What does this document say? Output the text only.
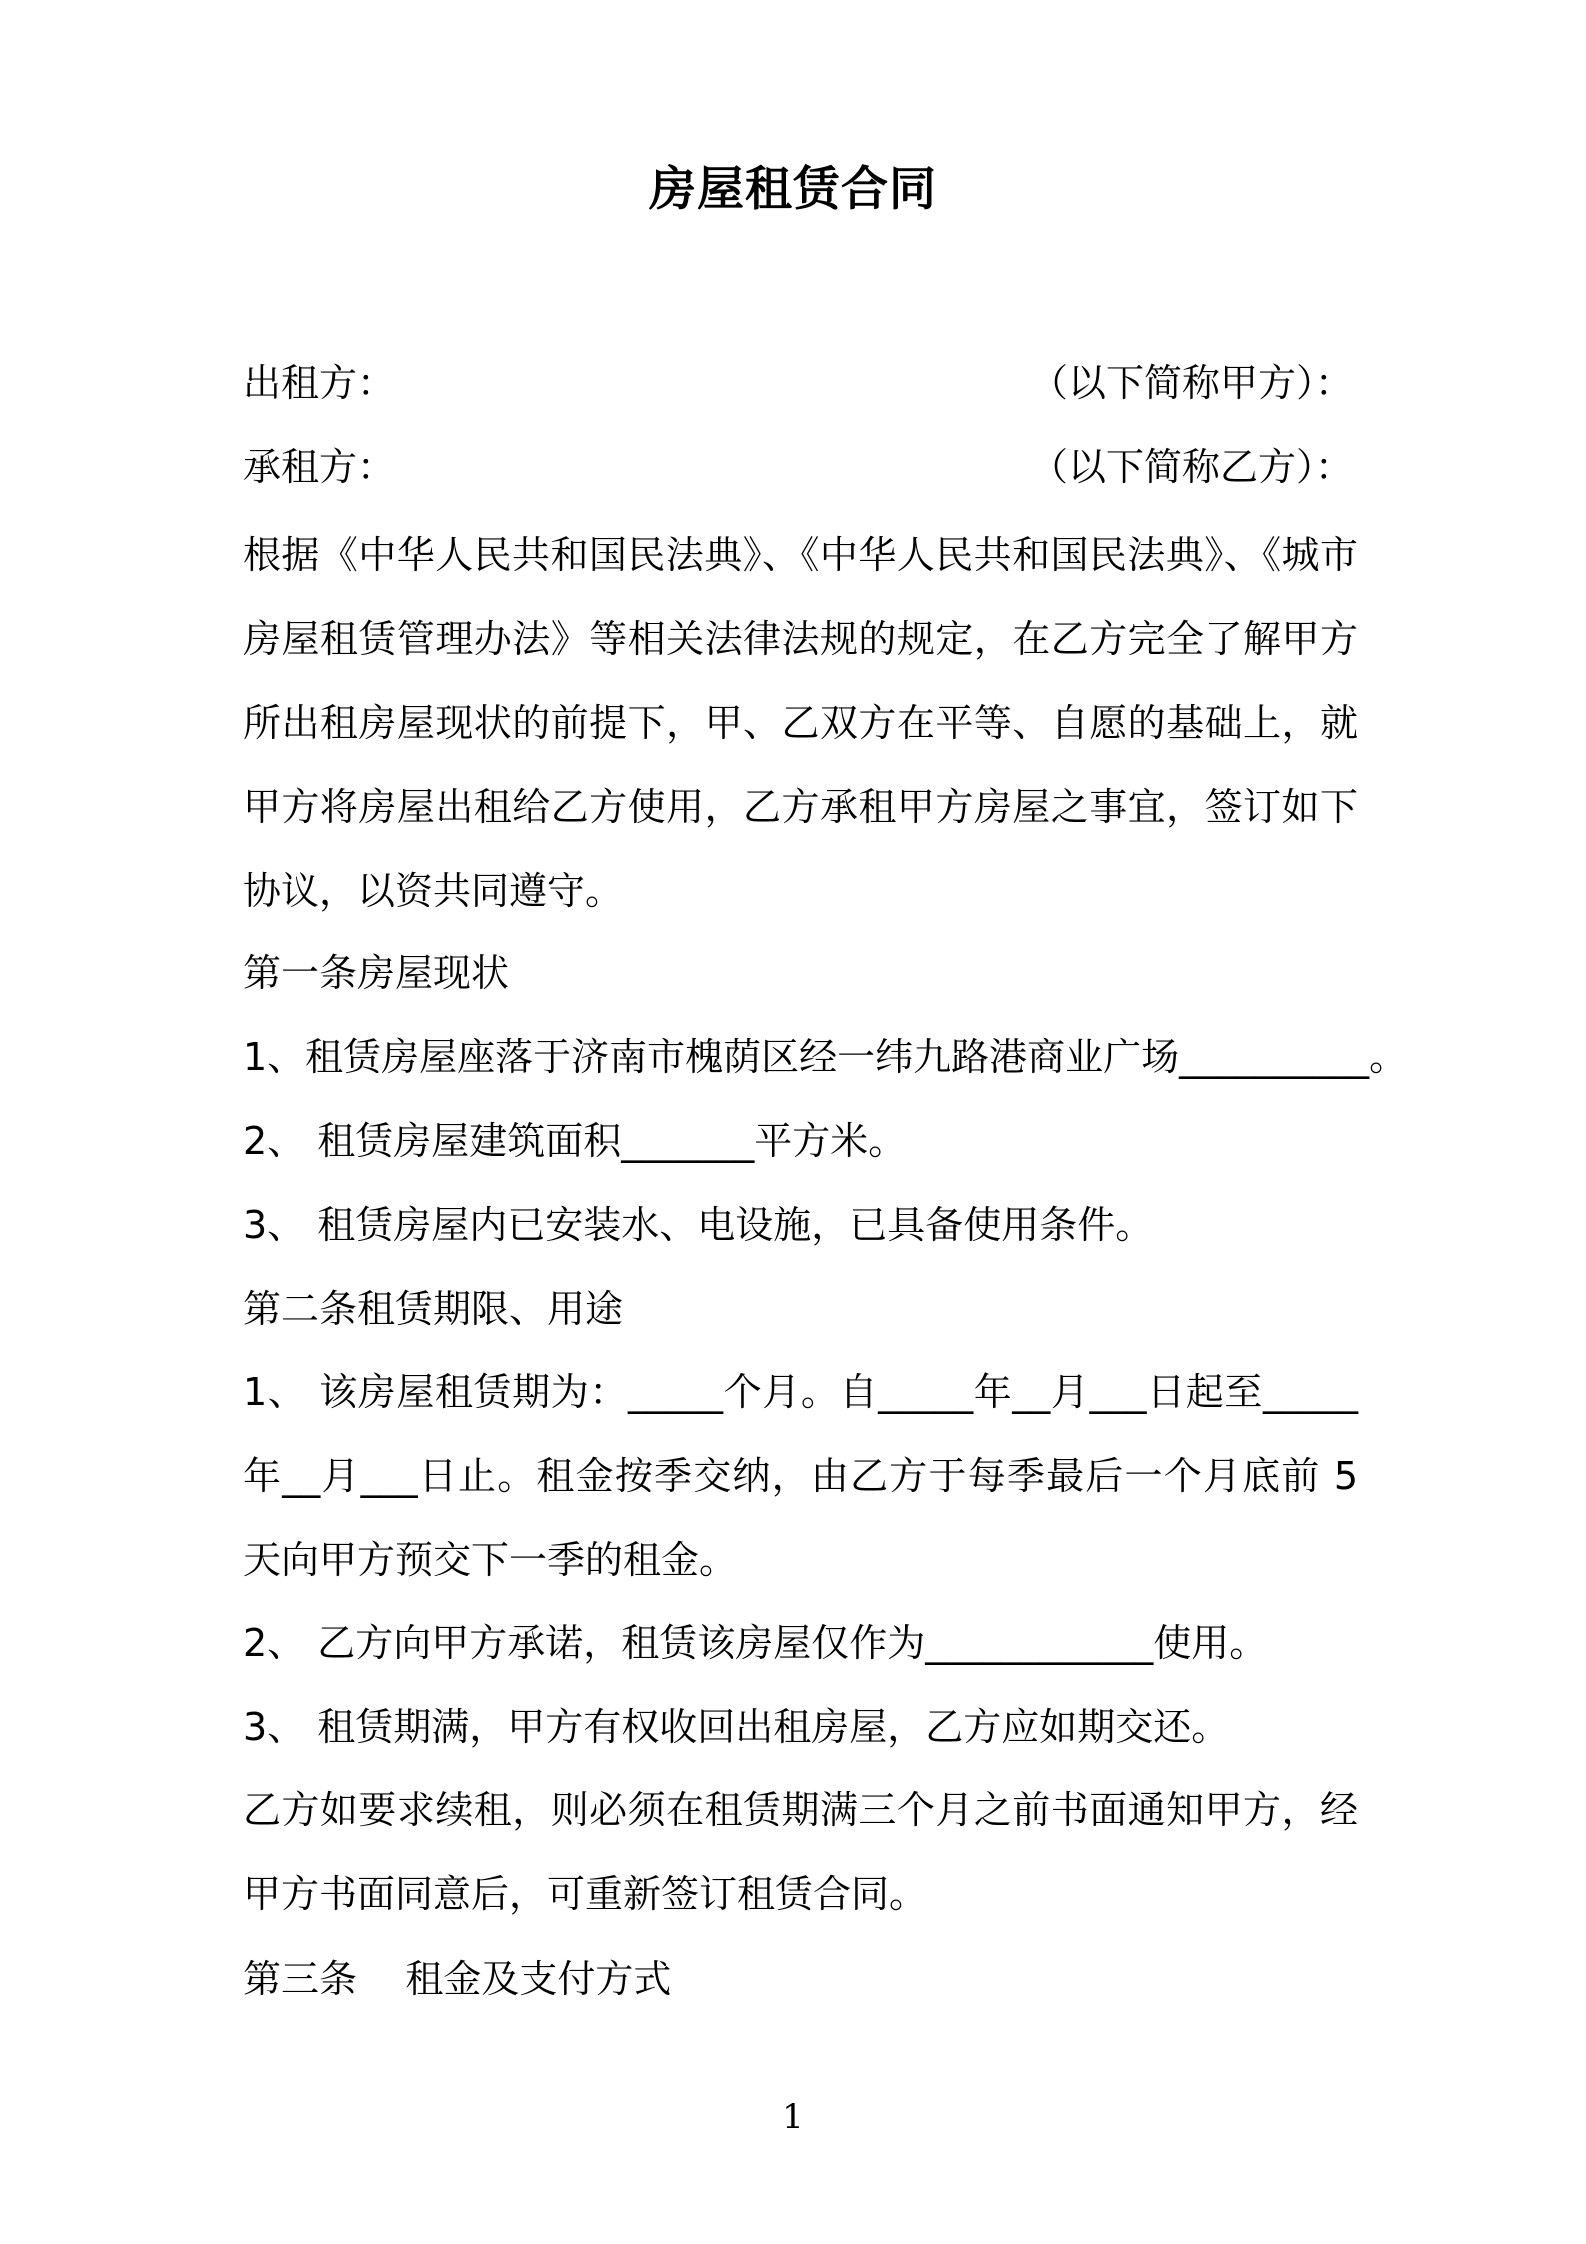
房屋租赁合同
出租方：	（以下简称甲方）：
承租方：	（以下简称乙方）：
根据《中华人民共和国民法典》、《中华人民共和国民法典》、《城市房屋租赁管理办法》等相关法律法规的规定，在乙方完全了解甲方所出租房屋现状的前提下，甲、乙双方在平等、自愿的基础上，就甲方将房屋出租给乙方使用，乙方承租甲方房屋之事宜，签订如下协议，以资共同遵守。
第一条房屋现状
1、租赁房屋座落于济南市槐荫区经一纬九路港商业广场__________。
2、 租赁房屋建筑面积_______平方米。
3、 租赁房屋内已安装水、电设施，已具备使用条件。
第二条租赁期限、用途
1、 该房屋租赁期为：_____个月。自_____年__月___日起至_____年__月___日止。租金按季交纳，由乙方于每季最后一个月底前 5 天向甲方预交下一季的租金。
2、 乙方向甲方承诺，租赁该房屋仅作为____________使用。
3、 租赁期满，甲方有权收回出租房屋，乙方应如期交还。
乙方如要求续租，则必须在租赁期满三个月之前书面通知甲方，经甲方书面同意后，可重新签订租赁合同。
第三条    租金及支付方式
1
